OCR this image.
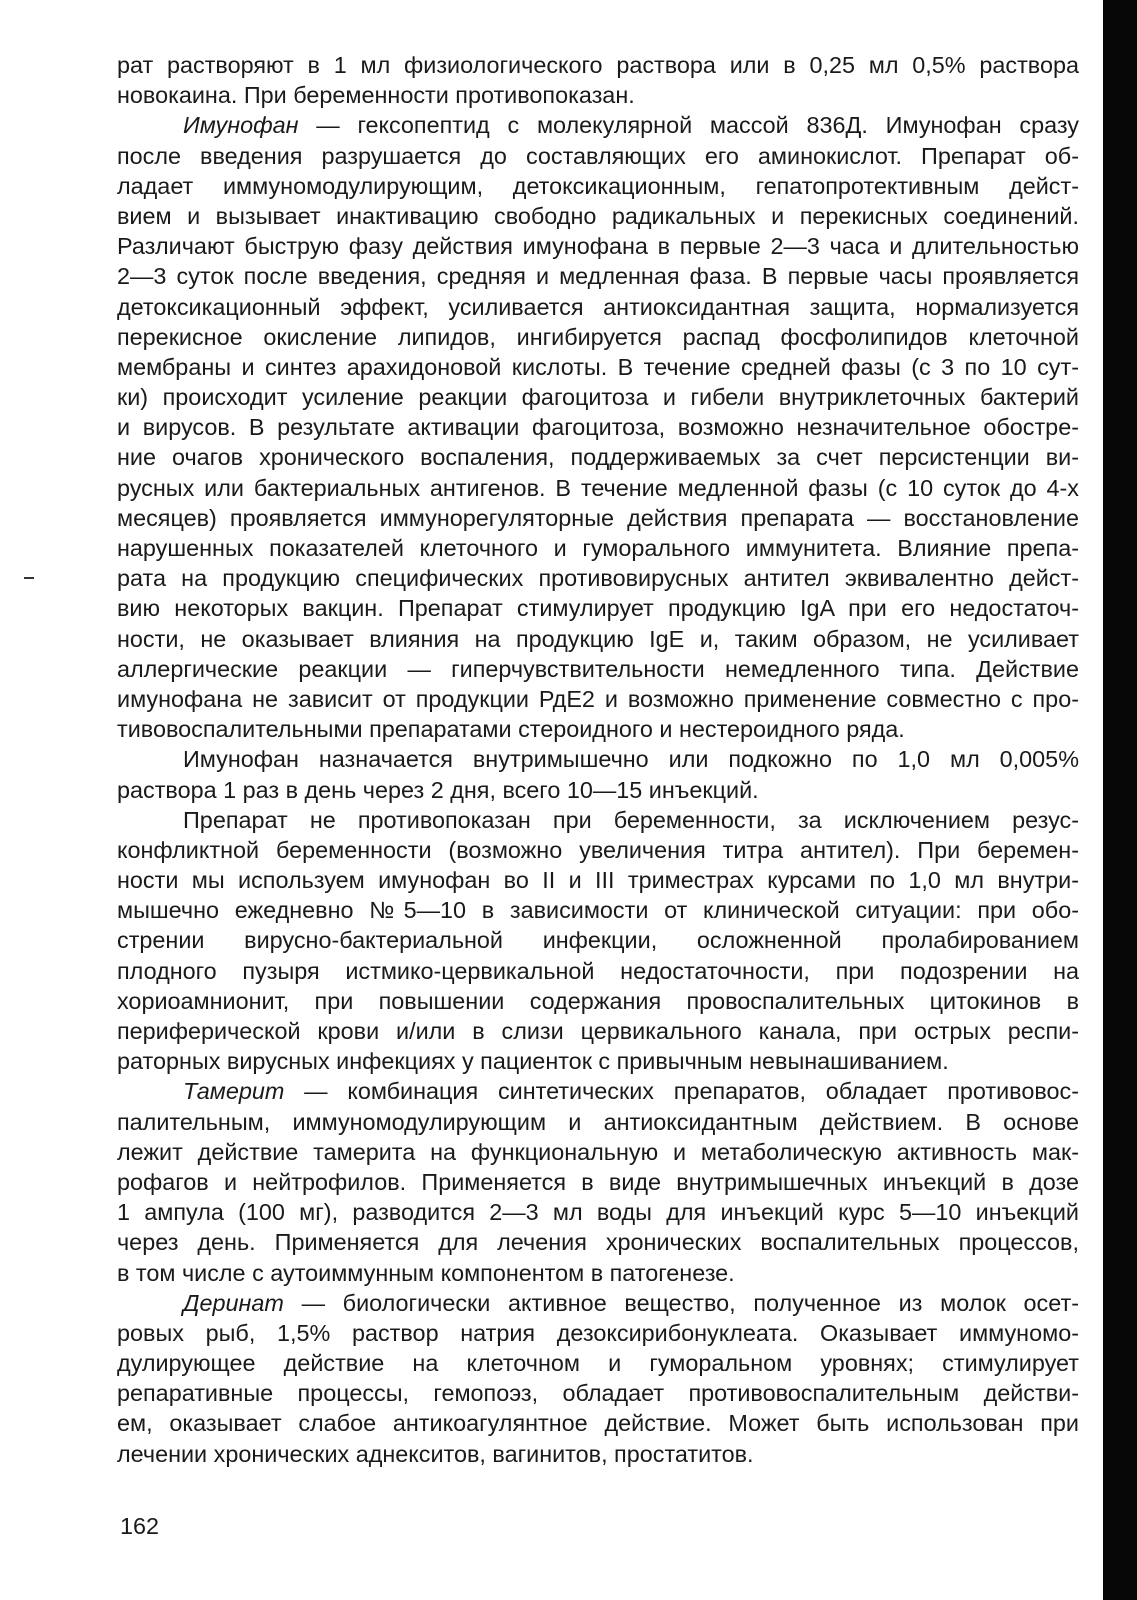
рат растворяют в 1 мл физиологического раствора или в 0,25 мл 0,5% раствора
новокаина. При беременности противопоказан.
Имунофан — гексопептид с молекулярной массой 836Д. Имунофан сразу
после введения разрушается до составляющих его аминокислот. Препарат об-
ладает иммуномодулирующим, детоксикационным, гепатопротективным дейст-
вием и вызывает инактивацию свободно радикальных и перекисных соединений.
Различают быструю фазу действия имунофана в первые 2—3 часа и длительностью
2—3 суток после введения, средняя и медленная фаза. В первые часы проявляется
детоксикационный эффект, усиливается антиоксидантная защита, нормализуется
перекисное окисление липидов, ингибируется распад фосфолипидов клеточной
мембраны и синтез арахидоновой кислоты. В течение средней фазы (с 3 по 10 сут-
ки) происходит усиление реакции фагоцитоза и гибели внутриклеточных бактерий
и вирусов. В результате активации фагоцитоза, возможно незначительное обостре-
ние очагов хронического воспаления, поддерживаемых за счет персистенции ви-
русных или бактериальных антигенов. В течение медленной фазы (с 10 суток до 4-х
месяцев) проявляется иммунорегуляторные действия препарата — восстановление
нарушенных показателей клеточного и гуморального иммунитета. Влияние препа-
рата на продукцию специфических противовирусных антител эквивалентно дейст-
вию некоторых вакцин. Препарат стимулирует продукцию IgA при его недостаточ-
ности, не оказывает влияния на продукцию IgE и, таким образом, не усиливает
аллергические реакции — гиперчувствительности немедленного типа. Действие
имунофана не зависит от продукции РдЕ2 и возможно применение совместно с про-
тивовоспалительными препаратами стероидного и нестероидного ряда.
Имунофан назначается внутримышечно или подкожно по 1,0 мл 0,005%
раствора 1 раз в день через 2 дня, всего 10—15 инъекций.
Препарат не противопоказан при беременности, за исключением резус-
конфликтной беременности (возможно увеличения титра антител). При беремен-
ности мы используем имунофан во II и III триместрах курсами по 1,0 мл внутри-
мышечно ежедневно №5—10 в зависимости от клинической ситуации: при обо-
стрении вирусно-бактериальной инфекции, осложненной пролабированием
плодного пузыря истмико-цервикальной недостаточности, при подозрении на
хориоамнионит, при повышении содержания провоспалительных цитокинов в
периферической крови и/или в слизи цервикального канала, при острых респи-
раторных вирусных инфекциях у пациенток с привычным невынашиванием.
Тамерит — комбинация синтетических препаратов, обладает противовос-
палительным, иммуномодулирующим и антиоксидантным действием. В основе
лежит действие тамерита на функциональную и метаболическую активность мак-
рофагов и нейтрофилов. Применяется в виде внутримышечных инъекций в дозе
1 ампула (100 мг), разводится 2—3 мл воды для инъекций курс 5—10 инъекций
через день. Применяется для лечения хронических воспалительных процессов,
в том числе с аутоиммунным компонентом в патогенезе.
Деринат — биологически активное вещество, полученное из молок осет-
ровых рыб, 1,5% раствор натрия дезоксирибонуклеата. Оказывает иммуномо-
дулирующее действие на клеточном и гуморальном уровнях; стимулирует
репаративные процессы, гемопоэз, обладает противовоспалительным действи-
ем, оказывает слабое антикоагулянтное действие. Может быть использован при
лечении хронических аднекситов, вагинитов, простатитов.
162
